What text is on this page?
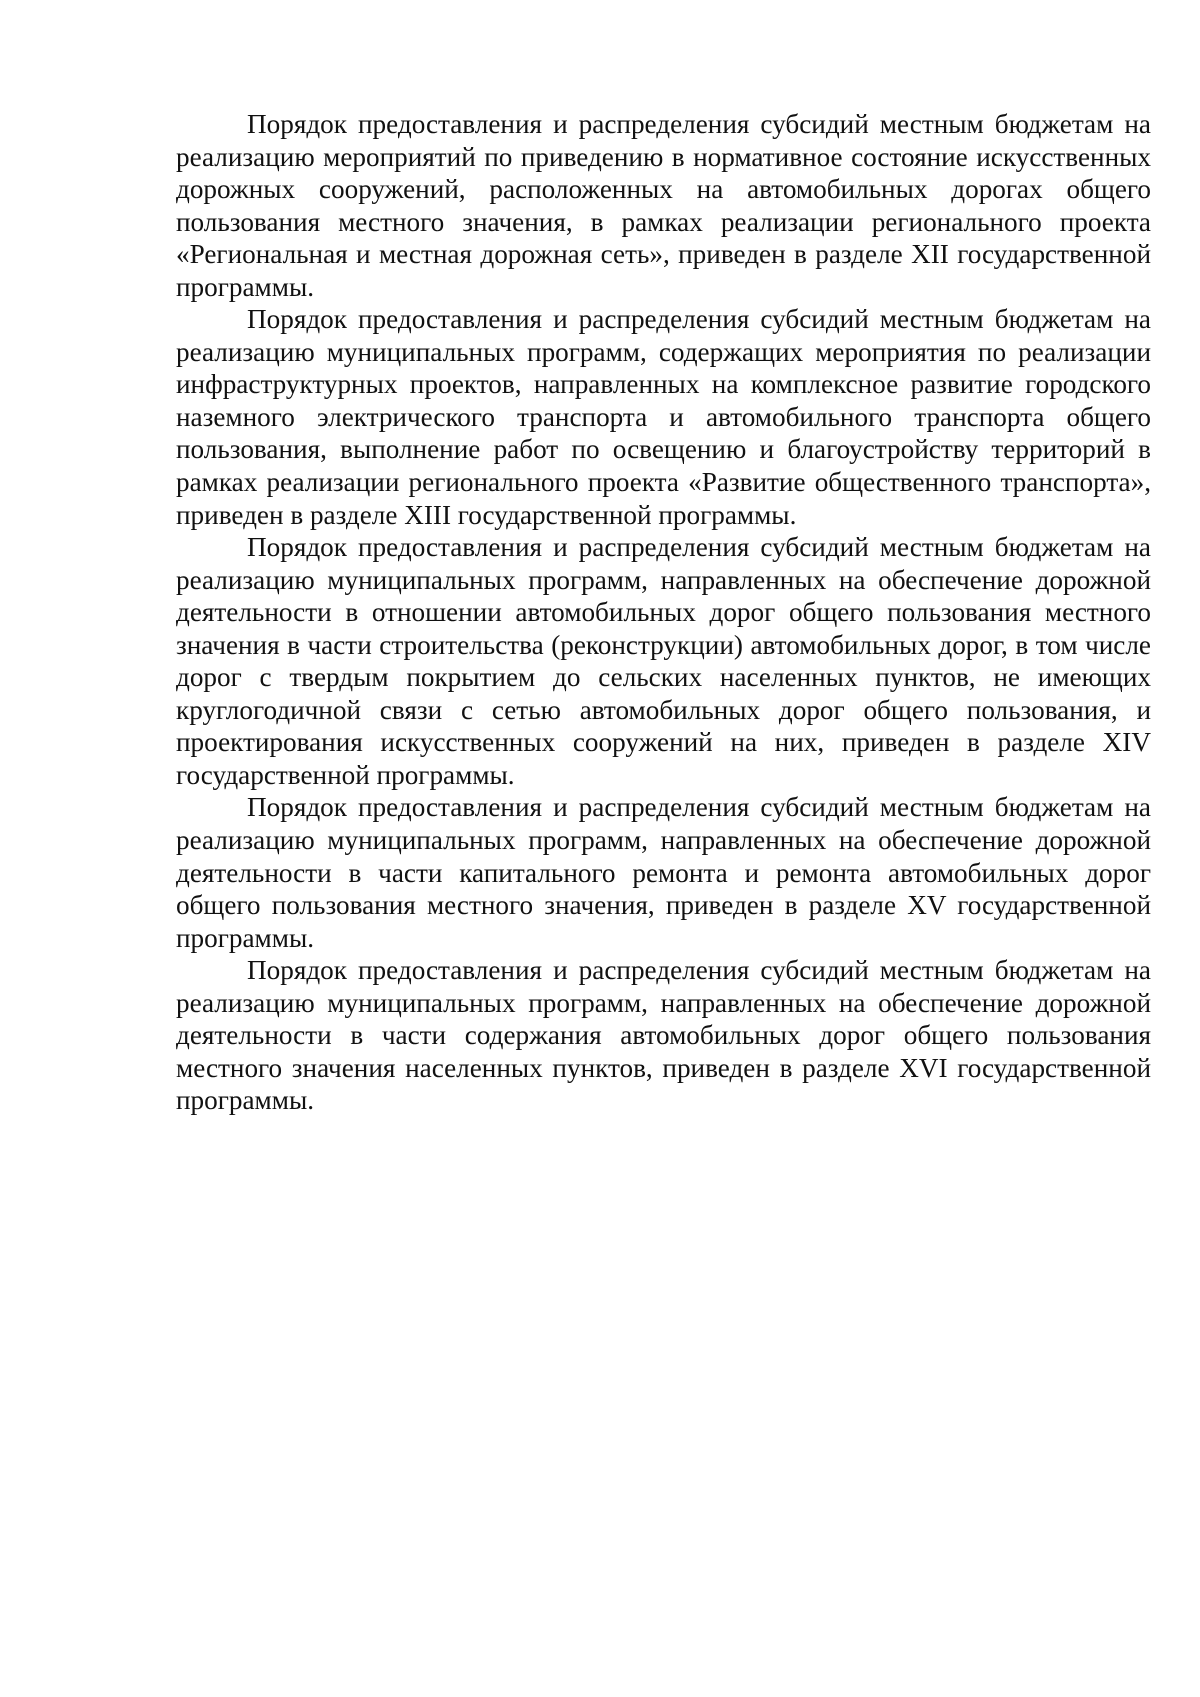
Порядок предоставления и распределения субсидий местным бюджетам на реализацию мероприятий по приведению в нормативное состояние искусственных дорожных сооружений, расположенных на автомобильных дорогах общего пользования местного значения, в рамках реализации регионального проекта «Региональная и местная дорожная сеть», приведен в разделе XII государственной программы.

Порядок предоставления и распределения субсидий местным бюджетам на реализацию муниципальных программ, содержащих мероприятия по реализации инфраструктурных проектов, направленных на комплексное развитие городского наземного электрического транспорта и автомобильного транспорта общего пользования, выполнение работ по освещению и благоустройству территорий в рамках реализации регионального проекта «Развитие общественного транспорта», приведен в разделе XIII государственной программы.

Порядок предоставления и распределения субсидий местным бюджетам на реализацию муниципальных программ, направленных на обеспечение дорожной деятельности в отношении автомобильных дорог общего пользования местного значения в части строительства (реконструкции) автомобильных дорог, в том числе дорог с твердым покрытием до сельских населенных пунктов, не имеющих круглогодичной связи с сетью автомобильных дорог общего пользования, и проектирования искусственных сооружений на них, приведен в разделе XIV государственной программы.

Порядок предоставления и распределения субсидий местным бюджетам на реализацию муниципальных программ, направленных на обеспечение дорожной деятельности в части капитального ремонта и ремонта автомобильных дорог общего пользования местного значения, приведен в разделе XV государственной программы.

Порядок предоставления и распределения субсидий местным бюджетам на реализацию муниципальных программ, направленных на обеспечение дорожной деятельности в части содержания автомобильных дорог общего пользования местного значения населенных пунктов, приведен в разделе XVI государственной программы.
